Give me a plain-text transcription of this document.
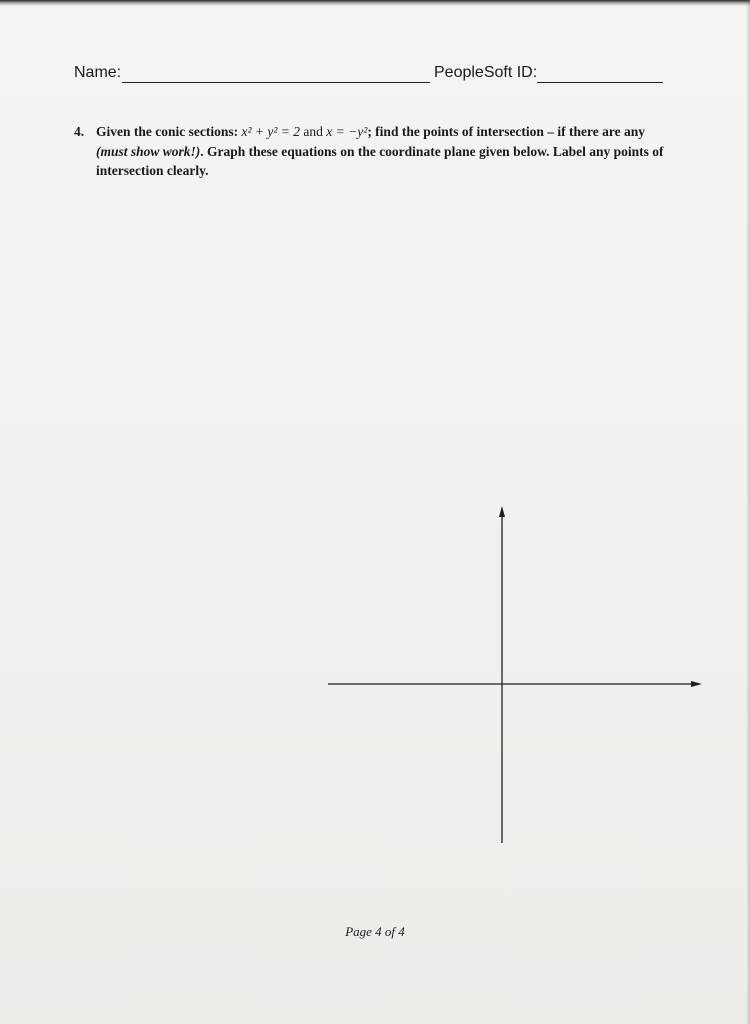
Name:	PeopleSoft ID:
4. Given the conic sections: x² + y² = 2 and x = −y²; find the points of intersection – if there are any (must show work!). Graph these equations on the coordinate plane given below. Label any points of intersection clearly.
Page 4 of 4
